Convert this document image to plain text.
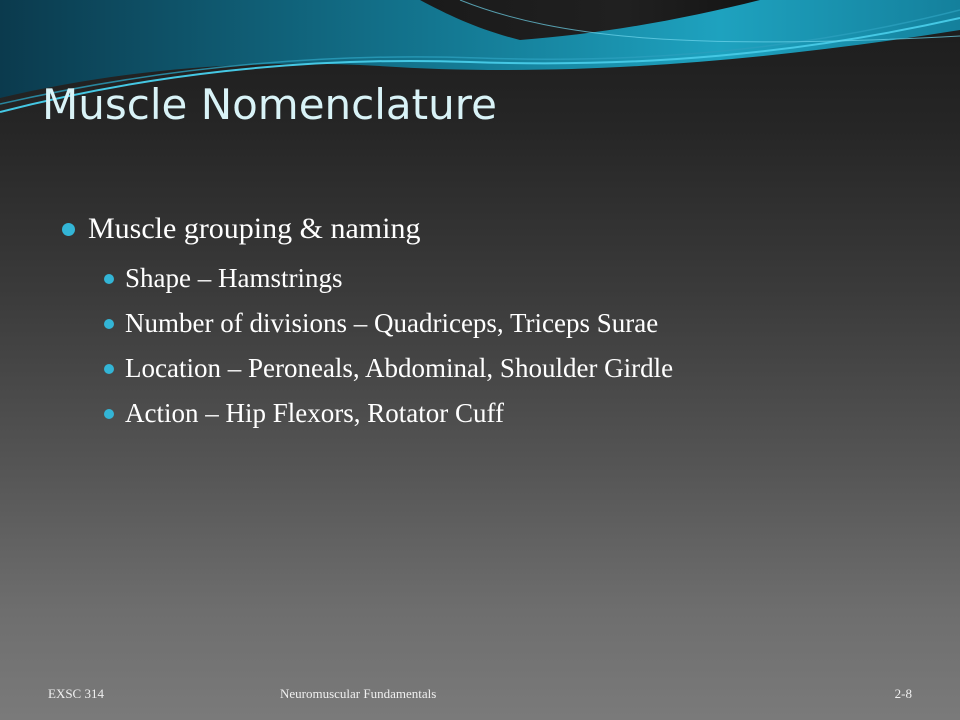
Muscle Nomenclature
Muscle grouping & naming
Shape – Hamstrings
Number of divisions – Quadriceps, Triceps Surae
Location – Peroneals, Abdominal, Shoulder Girdle
Action – Hip Flexors, Rotator Cuff
EXSC 314	Neuromuscular Fundamentals	2-8
